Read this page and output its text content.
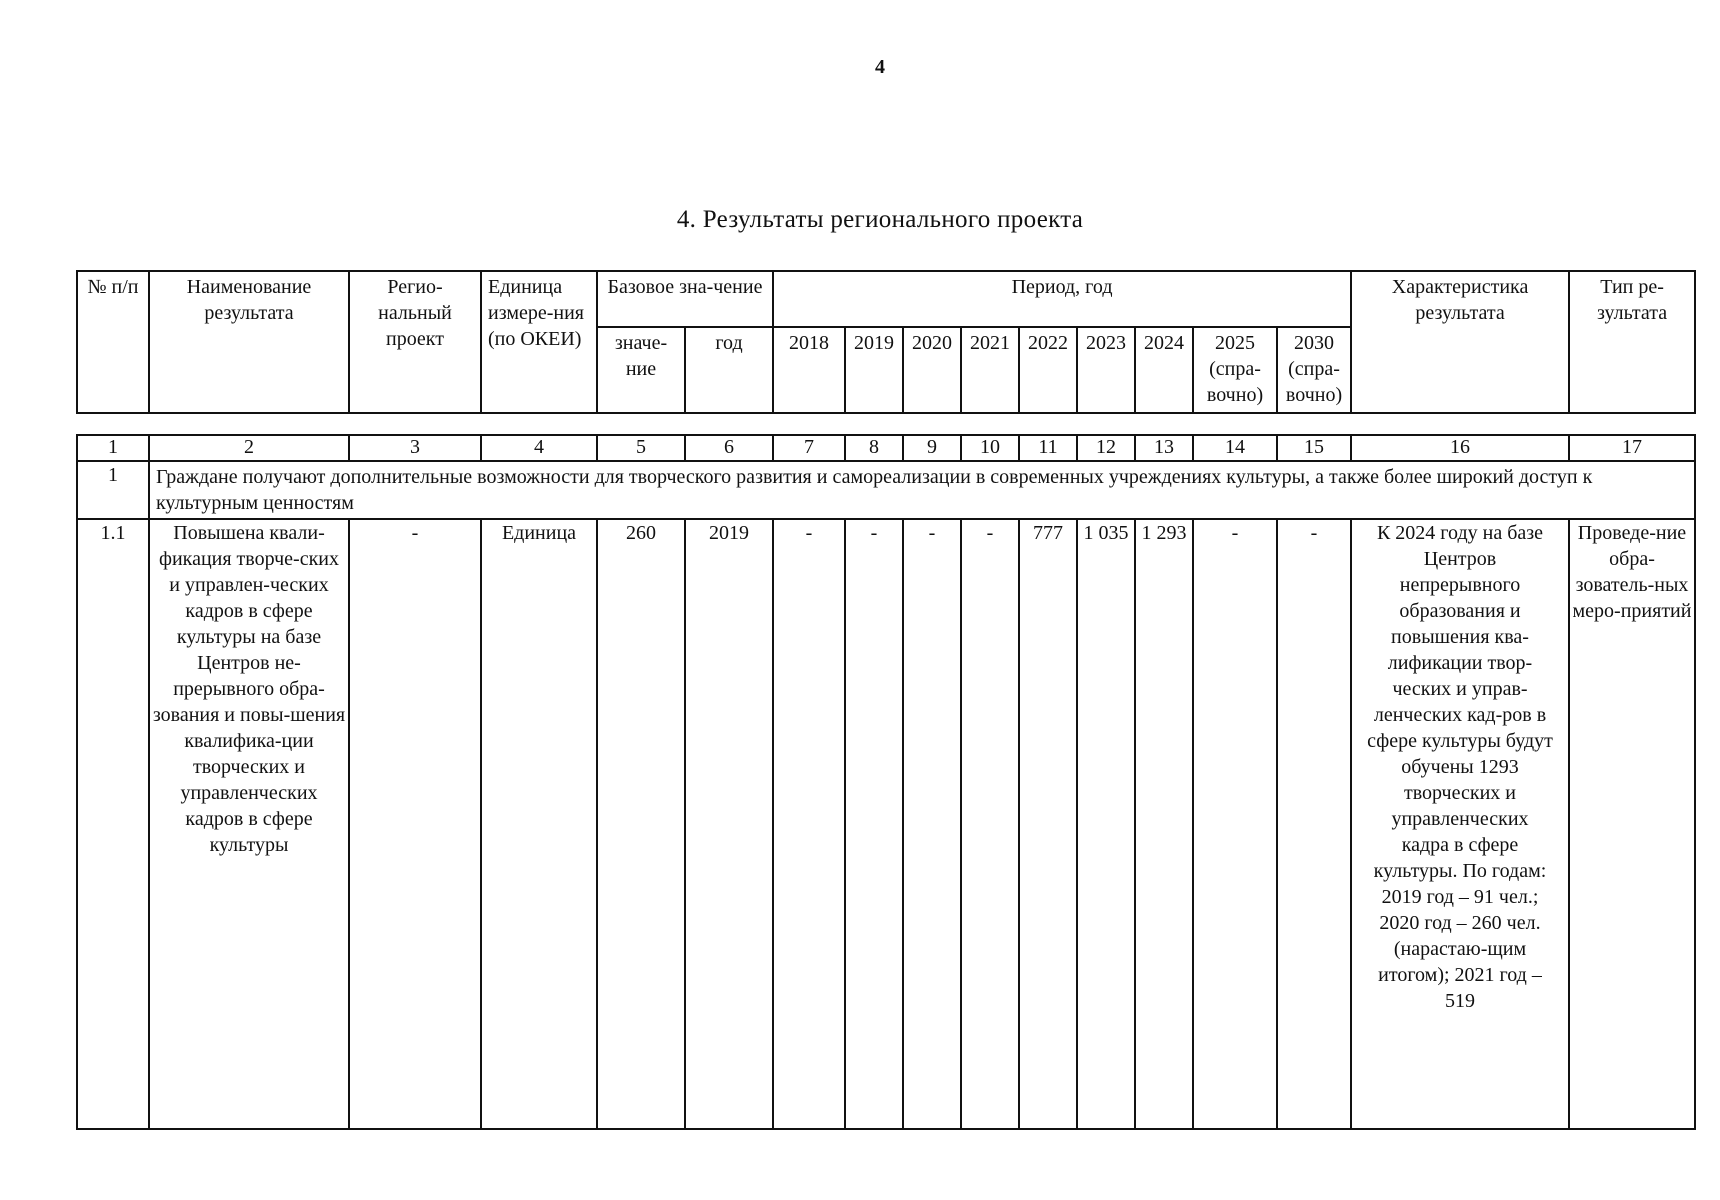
4
4. Результаты регионального проекта
№ п/п	Наименование результата	Регио-нальный проект	Единица измере-ния (по ОКЕИ)	Базовое зна-чение		Период, год									Характеристика результата	Тип ре-зультата
				значе-ние	год	2018	2019	2020	2021	2022	2023	2024	2025 (спра-вочно)	2030 (спра-вочно)		
1	2	3	4	5	6	7	8	9	10	11	12	13	14	15	16	17
1	Граждане получают дополнительные возможности для творческого развития и самореализации в современных учреждениях культуры, а также более широкий доступ к культурным ценностям															
1.1	Повышена квали-фикация творче-ских и управлен-ческих кадров в сфере культуры на базе Центров не-прерывного обра-зования и повы-шения квалифика-ции творческих и управленческих кадров в сфере культуры	-	Единица	260	2019	-	-	-	-	777	1 035	1 293	-	-	К 2024 году на базе Центров непрерывного образования и повышения ква-лификации твор-ческих и управ-ленческих кад-ров в сфере культуры будут обучены 1293 творческих и управленческих кадра в сфере культуры. По годам: 2019 год – 91 чел.; 2020 год – 260 чел. (нарастаю-щим итогом); 2021 год – 519	Проведе-ние обра-зователь-ных меро-приятий
